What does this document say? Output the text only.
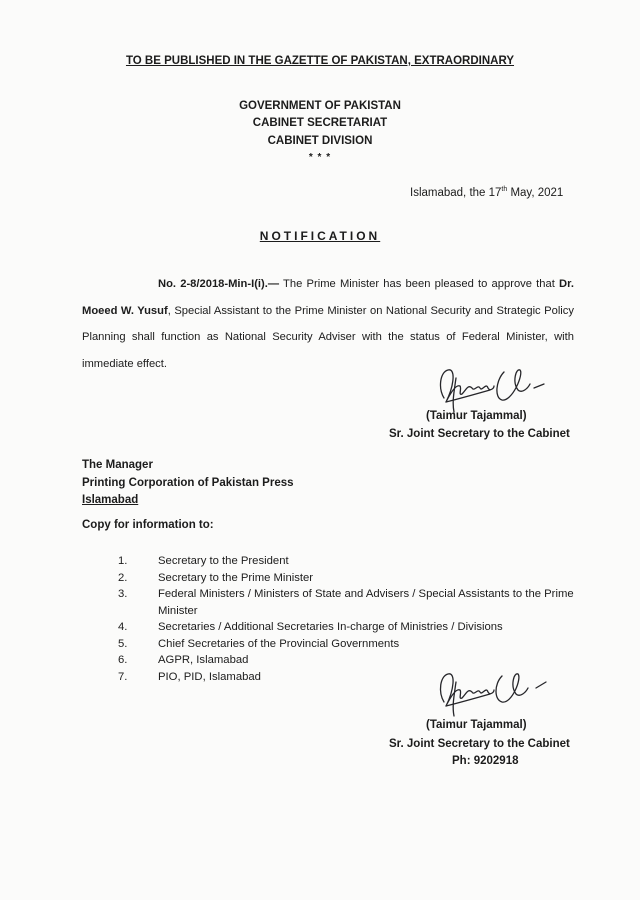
TO BE PUBLISHED IN THE GAZETTE OF PAKISTAN, EXTRAORDINARY
GOVERNMENT OF PAKISTAN
CABINET SECRETARIAT
CABINET DIVISION
* * *
Islamabad, the 17th May, 2021
NOTIFICATION
No. 2-8/2018-Min-I(i).— The Prime Minister has been pleased to approve that Dr. Moeed W. Yusuf, Special Assistant to the Prime Minister on National Security and Strategic Policy Planning shall function as National Security Adviser with the status of Federal Minister, with immediate effect.
(Taimur Tajammal)
Sr. Joint Secretary to the Cabinet
The Manager
Printing Corporation of Pakistan Press
Islamabad
Copy for information to:
1.	Secretary to the President
2.	Secretary to the Prime Minister
3.	Federal Ministers / Ministers of State and Advisers / Special Assistants to the Prime Minister
4.	Secretaries / Additional Secretaries In-charge of Ministries / Divisions
5.	Chief Secretaries of the Provincial Governments
6.	AGPR, Islamabad
7.	PIO, PID, Islamabad
(Taimur Tajammal)
Sr. Joint Secretary to the Cabinet
Ph: 9202918
